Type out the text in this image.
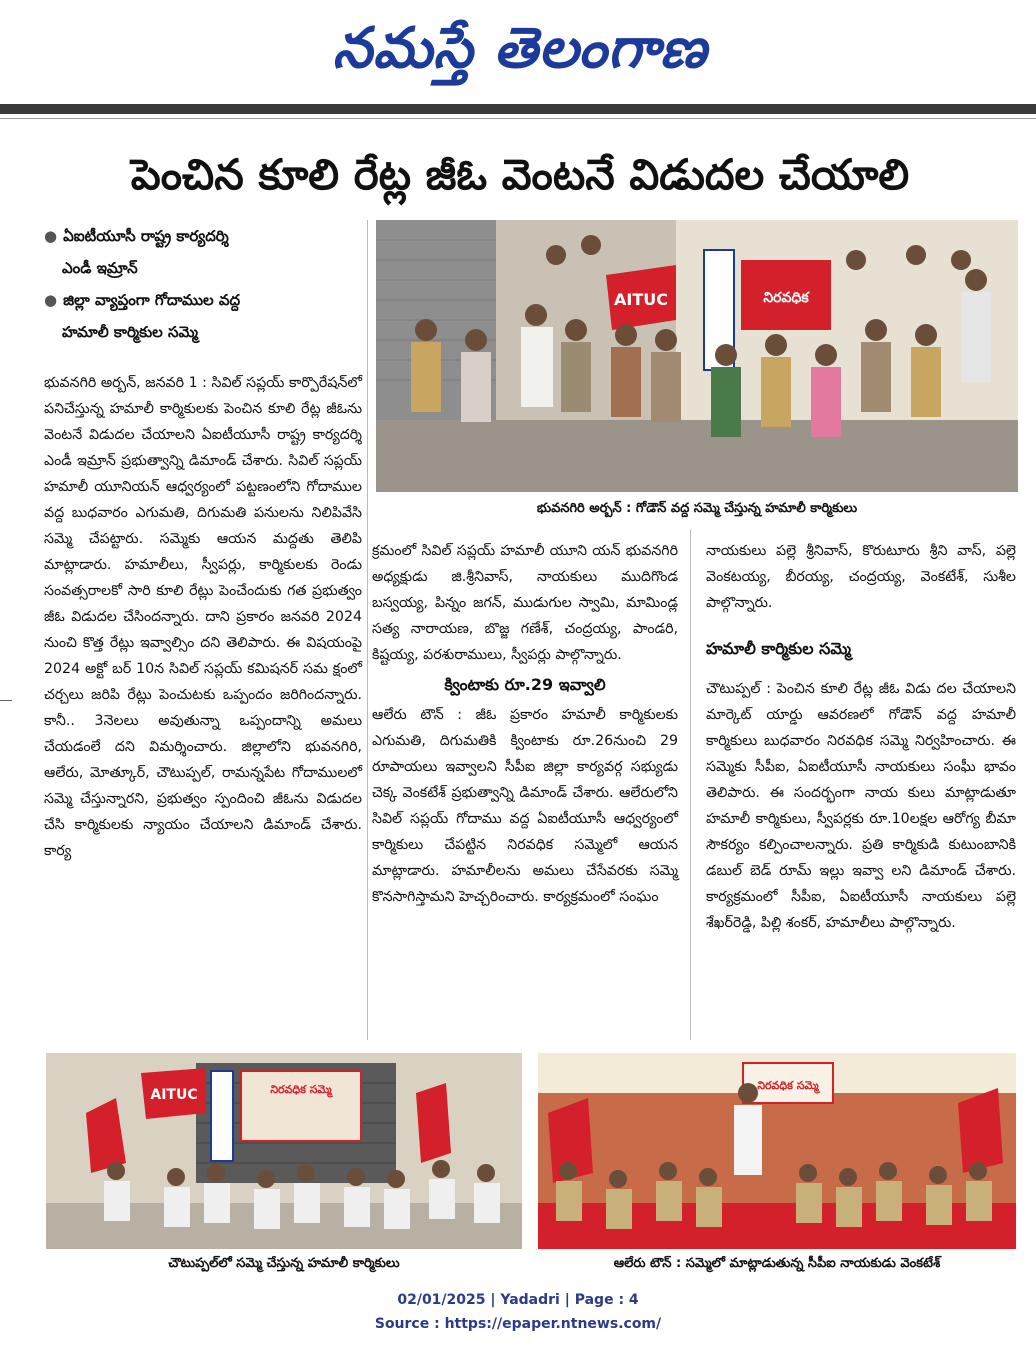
నమస్తే తెలంగాణ
పెంచిన కూలి రేట్ల జీఓ వెంటనే విడుదల చేయాలి
● ఏఐటీయూసీ రాష్ట్ర కార్యదర్శి
ఎండీ ఇమ్రాన్
● జిల్లా వ్యాప్తంగా గోదాముల వద్ద
హమాలీ కార్మికుల సమ్మె
నిరవధిక
AITUC
భువనగిరి అర్బన్ : గోడౌన్ వద్ద సమ్మె చేస్తున్న హమాలీ కార్మికులు
భువనగిరి అర్బన్, జనవరి 1 : సివిల్ సప్లయ్ కార్పొరేషన్‌లో పనిచేస్తున్న హమాలీ కార్మికులకు పెంచిన కూలి రేట్ల జీఓను వెంటనే విడుదల చేయాలని ఏఐటీయూసీ రాష్ట్ర కార్యదర్శి ఎండీ ఇమ్రాన్ ప్రభుత్వాన్ని డిమాండ్ చేశారు. సివిల్ సప్లయ్ హమాలీ యూనియన్ ఆధ్వర్యంలో పట్టణంలోని గోదాముల వద్ద బుధవారం ఎగుమతి, దిగుమతి పనులను నిలిపివేసి సమ్మె చేపట్టారు. సమ్మెకు ఆయన మద్దతు తెలిపి మాట్లాడారు. హమాలీలు, స్వీపర్లు, కార్మికులకు రెండు సంవత్సరాలకో సారి కూలి రేట్లు పెంచేందుకు గత ప్రభుత్వం జీఓ విడుదల చేసిందన్నారు. దాని ప్రకారం జనవరి 2024 నుంచి కొత్త రేట్లు ఇవ్వాల్సిం దని తెలిపారు. ఈ విషయంపై 2024 అక్టో బర్ 10న సివిల్ సప్లయ్ కమిషనర్ సమ క్షంలో చర్చలు జరిపి రేట్లు పెంచుటకు ఒప్పందం జరిగిందన్నారు. కానీ.. 3నెలలు అవుతున్నా ఒప్పందాన్ని అమలు చేయడంలే దని విమర్శించారు. జిల్లాలోని భువనగిరి, ఆలేరు, మోత్కూర్, చౌటుప్పల్, రామన్నపేట గోదాములలో సమ్మె చేస్తున్నారని, ప్రభుత్వం స్పందించి జీఓను విడుదల చేసి కార్మికులకు న్యాయం చేయాలని డిమాండ్ చేశారు. కార్య
క్రమంలో సివిల్ సప్లయ్ హమాలీ యూని యన్ భువనగిరి అధ్యక్షుడు జి.శ్రీనివాస్, నాయకులు ముదిగొండ బస్వయ్య, పిన్నం జగన్, ముడుగుల స్వామి, మామిండ్ల సత్య నారాయణ, బొజ్జ గణేశ్, చంద్రయ్య, పాండరి, కిష్టయ్య, పరశురాములు, స్వీపర్లు పాల్గొన్నారు.
క్వింటాకు రూ.29 ఇవ్వాలి
ఆలేరు టౌన్ : జీఓ ప్రకారం హమాలీ కార్మికులకు ఎగుమతి, దిగుమతికి క్వింటాకు రూ.26నుంచి 29 రూపాయలు ఇవ్వాలని సీపీఐ జిల్లా కార్యవర్గ సభ్యుడు చెక్క వెంకటేశ్ ప్రభుత్వాన్ని డిమాండ్ చేశారు. ఆలేరులోని సివిల్ సప్లయ్ గోదాము వద్ద ఏఐటీయూసీ ఆధ్వర్యంలో కార్మికులు చేపట్టిన నిరవధిక సమ్మెలో ఆయన మాట్లాడారు. హమాలీలను అమలు చేసేవరకు సమ్మె కొనసాగిస్తామని హెచ్చరించారు. కార్యక్రమంలో సంఘం
నాయకులు పల్లె శ్రీనివాస్, కొరుటూరు శ్రీని వాస్, పల్లె వెంకటయ్య, బీరయ్య, చంద్రయ్య, వెంకటేశ్, సుశీల పాల్గొన్నారు.
హమాలీ కార్మికుల సమ్మె
చౌటుప్పల్ : పెంచిన కూలి రేట్ల జీఓ విడు దల చేయాలని మార్కెట్ యార్డు ఆవరణలో గోడౌన్ వద్ద హమాలీ కార్మికులు బుధవారం నిరవధిక సమ్మె నిర్వహించారు. ఈ సమ్మెకు సీపీఐ, ఏఐటీయూసీ నాయకులు సంఘీ భావం తెలిపారు. ఈ సందర్భంగా నాయ కులు మాట్లాడుతూ హమాలీ కార్మికులు, స్వీపర్లకు రూ.10లక్షల ఆరోగ్య బీమా సౌకర్యం కల్పించాలన్నారు. ప్రతి కార్మికుడి కుటుంబానికి డబుల్ బెడ్ రూమ్ ఇల్లు ఇవ్వా లని డిమాండ్ చేశారు. కార్యక్రమంలో సీపీఐ, ఏఐటీయూసీ నాయకులు పల్లె శేఖర్‌రెడ్డి, పిల్లి శంకర్, హమాలీలు పాల్గొన్నారు.
నిరవధిక సమ్మె
AITUC
చౌటుప్పల్‌లో సమ్మె చేస్తున్న హమాలీ కార్మికులు
నిరవధిక సమ్మె
ఆలేరు టౌన్ : సమ్మెలో మాట్లాడుతున్న సీపీఐ నాయకుడు వెంకటేశ్
02/01/2025 | Yadadri | Page : 4
Source : https://epaper.ntnews.com/
